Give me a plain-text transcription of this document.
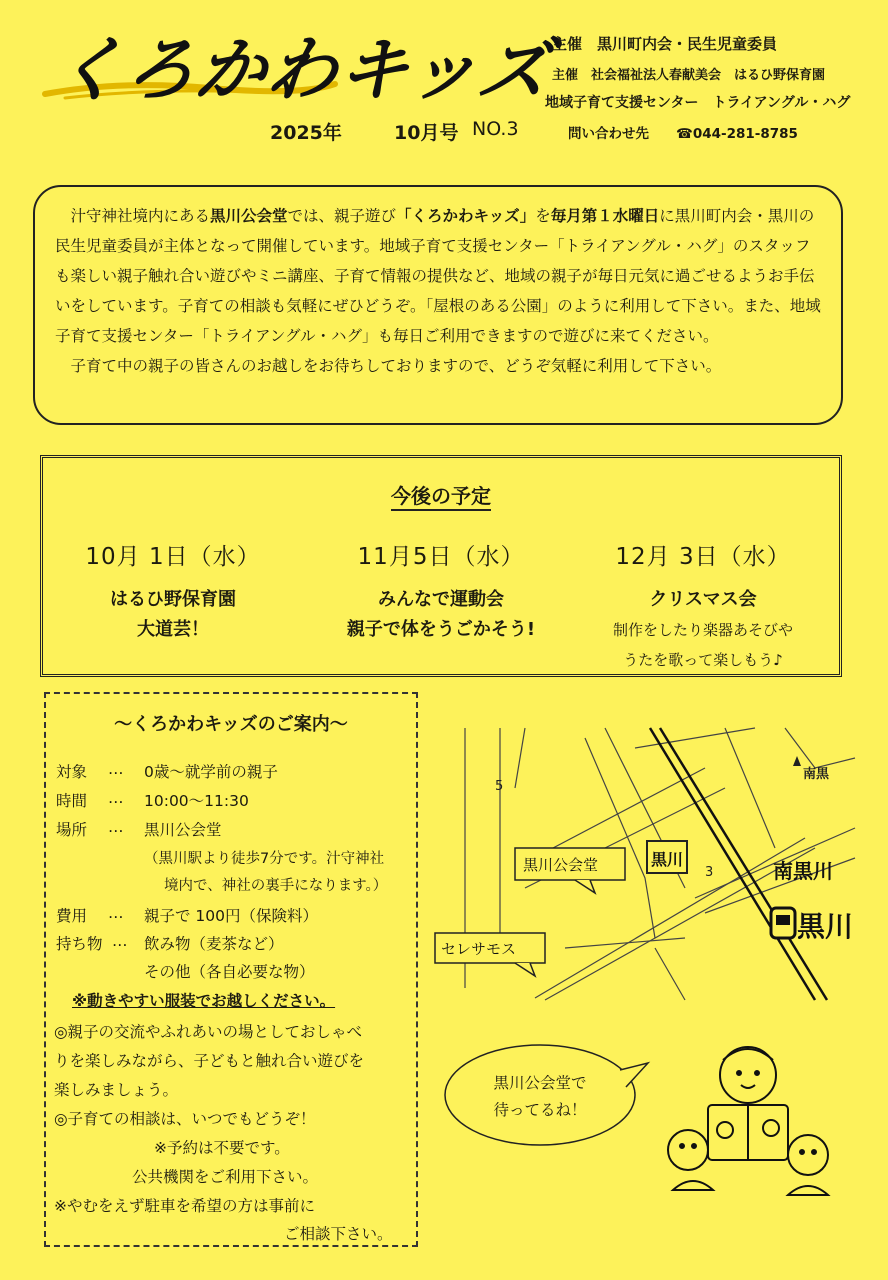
くろかわキッズ
2025年	10月号 NO.3
主催　黒川町内会・民生児童委員
主催　社会福祉法人春献美会　はるひ野保育園
地域子育て支援センター　トライアングル・ハグ
問い合わせ先　　☎044-281-8785

汁守神社境内にある黒川公会堂では、親子遊び「くろかわキッズ」を毎月第１水曜日に黒川町内会・黒川の民生児童委員が主体となって開催しています。地域子育て支援センター「トライアングル・ハグ」のスタッフも楽しい親子触れ合い遊びやミニ講座、子育て情報の提供など、地域の親子が毎日元気に過ごせるようお手伝いをしています。子育ての相談も気軽にぜひどうぞ。「屋根のある公園」のように利用して下さい。また、地域子育て支援センター「トライアングル・ハグ」も毎日ご利用できますので遊びに来てください。

子育て中の親子の皆さんのお越しをお待ちしておりますので、どうぞ気軽に利用して下さい。

今後の予定
10月 1日（水）
はるひ野保育園
大道芸！
11月5日（水）
みんなで運動会
親子で体をうごかそう!
12月 3日（水）
クリスマス会
制作をしたり楽器あそびや
うたを歌って楽しもう♪
〜くろかわキッズのご案内〜
対象 … 0歳〜就学前の親子
時間 … 10:00〜11:30
場所 … 黒川公会堂
（黒川駅より徒歩7分です。汁守神社
境内で、神社の裏手になります。）
費用 … 親子で 100円（保険料）
持ち物 … 飲み物（麦茶など）
その他（各自必要な物）
※動きやすい服装でお越しください。
◎親子の交流やふれあいの場としておしゃべ
りを楽しみながら、子どもと触れ合い遊びを
楽しみましょう。
◎子育ての相談は、いつでもどうぞ！
※予約は不要です。
公共機関をご利用下さい。
※やむをえず駐車を希望の方は事前に
ご相談下さい。
5
3
南黒
黒川公会堂	黒川	南黒川
黒川
セレサモス
黒川公会堂で
待ってるね！
